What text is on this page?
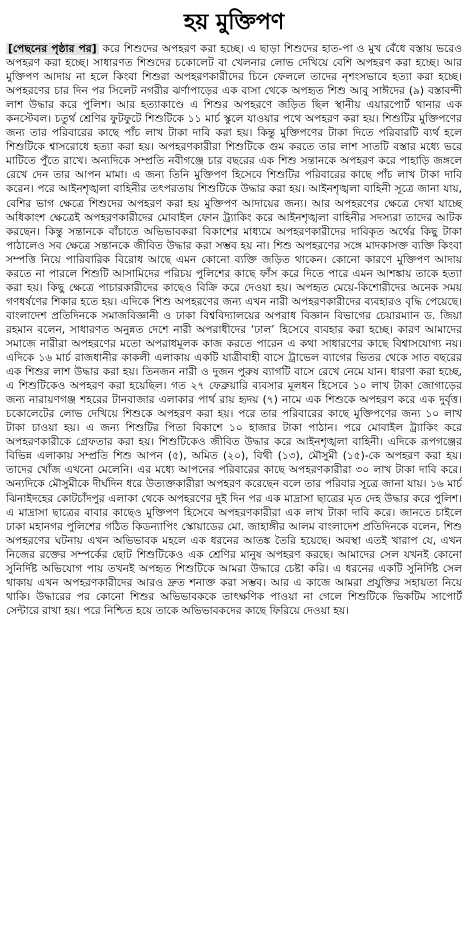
হয় মুক্তিপণ

[পেছনের পৃষ্ঠার পর] করে শিশুদের অপহরণ করা হচ্ছে। এ ছাড়া শিশুদের হাত-পা ও মুখ বেঁধে বস্তায় ভরেও অপহরণ করা হচ্ছে। সাধারণত শিশুদের চকোলেট বা খেলনার লোভ দেখিয়ে বেশি অপহরণ করা হচ্ছে। আর মুক্তিপণ আদায় না হলে কিংবা শিশুরা অপহরণকারীদের চিনে ফেললে তাদের নৃশংসভাবে হত্যা করা হচ্ছে। অপহরণের চার দিন পর সিলেট নগরীর ঝর্ণাপাড়ের এক বাসা থেকে অপহৃত শিশু আবু সাঈদের (৯) বস্তাবন্দী লাশ উদ্ধার করে পুলিশ। আর হত্যাকাণ্ডে এ শিশুর অপহরণে জড়িত ছিল স্থানীয় এয়ারপোর্ট থানার এক কনস্টেবল। চতুর্থ শ্রেণির ফুটফুটে শিশুটিকে ১১ মার্চ স্কুলে যাওয়ার পথে অপহরণ করা হয়। শিশুটির মুক্তিপণের জন্য তার পরিবারের কাছে পাঁচ লাখ টাকা দাবি করা হয়। কিন্তু মুক্তিপণের টাকা দিতে পরিবারটি ব্যর্থ হলে শিশুটিকে শ্বাসরোধে হত্যা করা হয়। অপহরণকারীরা শিশুটিকে গুম করতে তার লাশ সাতটি বস্তার মধ্যে ভরে মাটিতে পুঁতে রাখে। অন্যদিকে সম্প্রতি নবীগঞ্জে চার বছরের এক শিশু সন্তানকে অপহরণ করে পাহাড়ি জঙ্গলে রেখে দেন তার আপন মামা। এ জন্য তিনি মুক্তিপণ হিসেবে শিশুটির পরিবারের কাছে পাঁচ লাখ টাকা দাবি করেন। পরে আইনশৃঙ্খলা বাহিনীর তৎপরতায় শিশুটিকে উদ্ধার করা হয়। আইনশৃঙ্খলা বাহিনী সূত্রে জানা যায়, বেশির ভাগ ক্ষেত্রে শিশুদের অপহরণ করা হয় মুক্তিপণ আদায়ের জন্য। আর অপহরণের ক্ষেত্রে দেখা যাচ্ছে অধিকাংশ ক্ষেত্রেই অপহরণকারীদের মোবাইল ফোন ট্র্যাকিং করে আইনশৃঙ্খলা বাহিনীর সদস্যরা তাদের আটক করছেন। কিন্তু সন্তানকে বাঁচাতে অভিভাবকরা বিকাশের মাধ্যমে অপহরণকারীদের দাবিকৃত অর্থের কিছু টাকা পাঠালেও সব ক্ষেত্রে সন্তানকে জীবিত উদ্ধার করা সম্ভব হয় না। শিশু অপহরণের সঙ্গে মাদকাসক্ত ব্যক্তি কিংবা সম্পত্তি নিয়ে পারিবারিক বিরোধ আছে এমন কোনো ব্যক্তি জড়িত থাকেন। কোনো কারণে মুক্তিপণ আদায় করতে না পারলে শিশুটি আসামিদের পরিচয় পুলিশের কাছে ফাঁস করে দিতে পারে এমন আশঙ্কায় তাকে হত্যা করা হয়। কিছু ক্ষেত্রে পাচারকারীদের কাছেও বিক্রি করে দেওয়া হয়। অপহৃত মেয়ে-কিশোরীদের অনেক সময় গণধর্ষণের শিকার হতে হয়। এদিকে শিশু অপহরণের জন্য এখন নারী অপহরণকারীদের ব্যবহারও বৃদ্ধি পেয়েছে। বাংলাদেশ প্রতিদিনকে সমাজবিজ্ঞানী ও ঢাকা বিশ্ববিদ্যালয়ের অপরাধ বিজ্ঞান বিভাগের চেয়ারম্যান ড. জিয়া রহমান বলেন, সাধারণত অনুন্নত দেশে নারী অপরাধীদের ‘ঢাল’ হিসেবে ব্যবহার করা হচ্ছে। কারণ আমাদের সমাজে নারীরা অপহরণের মতো অপরাধমূলক কাজ করতে পারেন এ কথা সাধারণের কাছে বিশ্বাসযোগ্য নয়। এদিকে ১৬ মার্চ রাজধানীর কাকলী এলাকায় একটি যাত্রীবাহী বাসে ট্রাভেল ব্যাগের ভিতর থেকে সাত বছরের এক শিশুর লাশ উদ্ধার করা হয়। তিনজন নারী ও দুজন পুরুষ ব্যাগটি বাসে রেখে নেমে যান। ধারণা করা হচ্ছে, এ শিশুটিকেও অপহরণ করা হয়েছিল। গত ২৭ ফেব্রুয়ারি ব্যবসার মূলধন হিসেবে ১০ লাখ টাকা জোগাড়ের জন্য নারায়ণগঞ্জ শহরের টানবাজার এলাকার পার্থ রায় হৃদয় (৭) নামে এক শিশুকে অপহরণ করে এক দুর্বৃত্ত। চকোলেটের লোভ দেখিয়ে শিশুকে অপহরণ করা হয়। পরে তার পরিবারের কাছে মুক্তিপণের জন্য ১০ লাখ টাকা চাওয়া হয়। এ জন্য শিশুটির পিতা বিকাশে ১০ হাজার টাকা পাঠান। পরে মোবাইল ট্র্যাকিং করে অপহরণকারীকে গ্রেফতার করা হয়। শিশুটিকেও জীবিত উদ্ধার করে আইনশৃঙ্খলা বাহিনী। এদিকে রূপগঞ্জের বিভিন্ন এলাকায় সম্প্রতি শিশু আপন (৫), অমিত (২০), বিথী (১৩), মৌসুমী (১৫)-কে অপহরণ করা হয়। তাদের খোঁজ এখনো মেলেনি। এর মধ্যে আপনের পরিবারের কাছে অপহরণকারীরা ৩০ লাখ টাকা দাবি করে। অন্যদিকে মৌসুমীকে দীর্ঘদিন ধরে উত্যক্তকারীরা অপহরণ করেছেন বলে তার পরিবার সূত্রে জানা যায়। ১৬ মার্চ ঝিনাইদহের কোটচাঁদপুর এলাকা থেকে অপহরণের দুই দিন পর এক মাদ্রাসা ছাত্রের মৃত দেহ উদ্ধার করে পুলিশ। এ মাদ্রাসা ছাত্রের বাবার কাছেও মুক্তিপণ হিসেবে অপহরণকারীরা এক লাখ টাকা দাবি করে। জানতে চাইলে ঢাকা মহানগর পুলিশের গঠিত কিডন্যাপিং স্কোয়াডের মো. জাহাঙ্গীর আলম বাংলাদেশ প্রতিদিনকে বলেন, শিশু অপহরণের ঘটনায় এখন অভিভাবক মহলে এক ধরনের আতঙ্ক তৈরি হয়েছে। অবস্থা এতই খারাপ যে, এখন নিজের রক্তের সম্পর্কের ছোট শিশুটিকেও এক শ্রেণির মানুষ অপহরণ করছে। আমাদের সেল যখনই কোনো সুনির্দিষ্ট অভিযোগ পায় তখনই অপহৃত শিশুটিকে আমরা উদ্ধারে চেষ্টা করি। এ ধরনের একটি সুনির্দিষ্ট সেল থাকায় এখন অপহরণকারীদের আরও দ্রুত শনাক্ত করা সম্ভব। আর এ কাজে আমরা প্রযুক্তির সহায়তা নিয়ে থাকি। উদ্ধারের পর কোনো শিশুর অভিভাবককে তাৎক্ষণিক পাওয়া না গেলে শিশুটিকে ভিকটিম সাপোর্ট সেন্টারে রাখা হয়। পরে নিশ্চিত হয়ে তাকে অভিভাবকদের কাছে ফিরিয়ে দেওয়া হয়।
